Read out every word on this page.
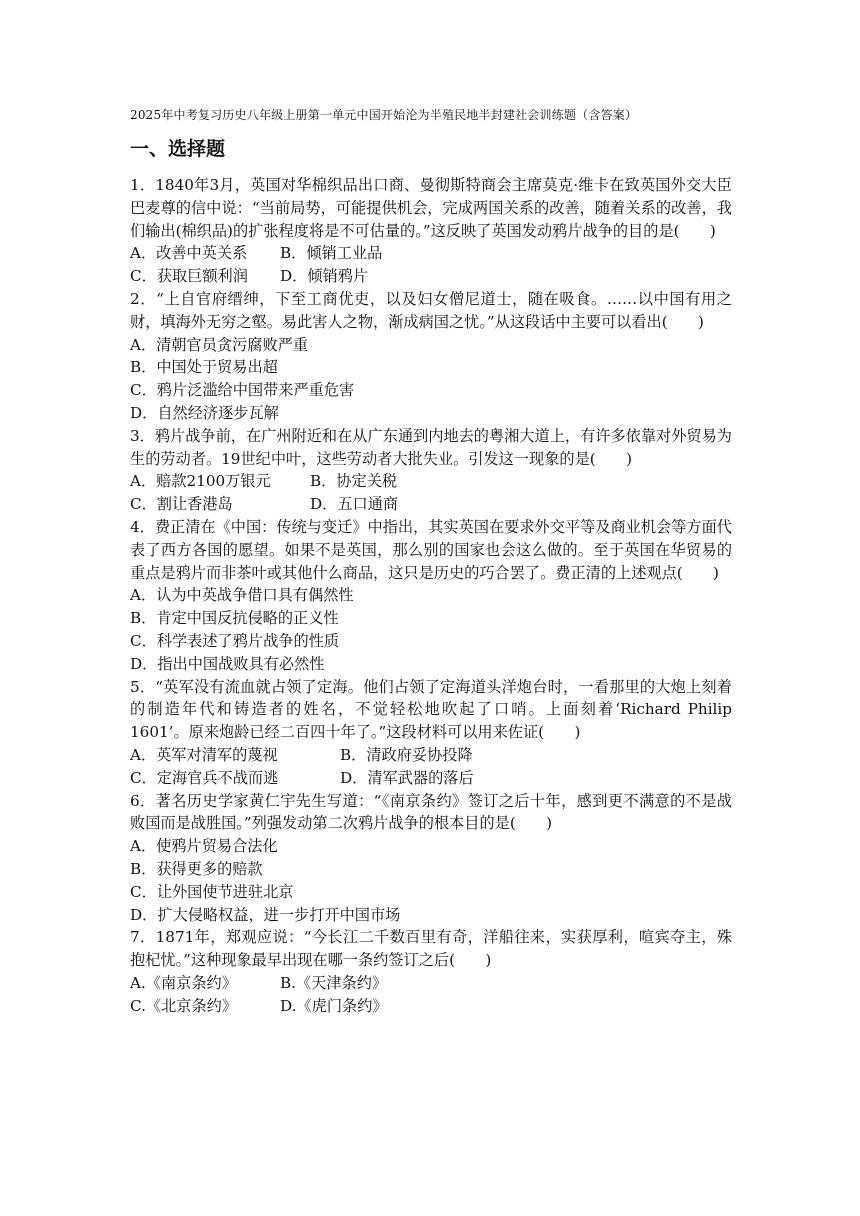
2025年中考复习历史八年级上册第一单元中国开始沦为半殖民地半封建社会训练题（含答案）
一、选择题

1．1840年3月，英国对华棉织品出口商、曼彻斯特商会主席莫克·维卡在致英国外交大臣巴麦尊的信中说：“当前局势，可能提供机会，完成两国关系的改善，随着关系的改善，我们输出(棉织品)的扩张程度将是不可估量的。”这反映了英国发动鸦片战争的目的是(　　)

A．改善中英关系 B．倾销工业品
C．获取巨额利润 D．倾销鸦片

2．“上自官府缙绅，下至工商优吏，以及妇女僧尼道士，随在吸食。……以中国有用之财，填海外无穷之壑。易此害人之物，渐成病国之忧。”从这段话中主要可以看出(　　)

A．清朝官员贪污腐败严重
B．中国处于贸易出超
C．鸦片泛滥给中国带来严重危害
D．自然经济逐步瓦解

3．鸦片战争前，在广州附近和在从广东通到内地去的粤湘大道上，有许多依靠对外贸易为生的劳动者。19世纪中叶，这些劳动者大批失业。引发这一现象的是(　　)

A．赔款2100万银元	B．协定关税
C．割让香港岛	D．五口通商

4．费正清在《中国：传统与变迁》中指出，其实英国在要求外交平等及商业机会等方面代表了西方各国的愿望。如果不是英国，那么别的国家也会这么做的。至于英国在华贸易的重点是鸦片而非茶叶或其他什么商品，这只是历史的巧合罢了。费正清的上述观点(　　)

A．认为中英战争借口具有偶然性
B．肯定中国反抗侵略的正义性
C．科学表述了鸦片战争的性质
D．指出中国战败具有必然性

5．“英军没有流血就占领了定海。他们占领了定海道头洋炮台时，一看那里的大炮上刻着的制造年代和铸造者的姓名，不觉轻松地吹起了口哨。上面刻着‘Richard Philip 1601’。原来炮龄已经二百四十年了。”这段材料可以用来佐证(　　)

A．英军对清军的蔑视	B．清政府妥协投降
C．定海官兵不战而逃	D．清军武器的落后

6．著名历史学家黄仁宇先生写道：“《南京条约》签订之后十年，感到更不满意的不是战败国而是战胜国。”列强发动第二次鸦片战争的根本目的是(　　)

A．使鸦片贸易合法化
B．获得更多的赔款
C．让外国使节进驻北京
D．扩大侵略权益，进一步打开中国市场

7．1871年，郑观应说：“今长江二千数百里有奇，洋船往来，实获厚利，喧宾夺主，殊抱杞忧。”这种现象最早出现在哪一条约签订之后(　　)

A.《南京条约》	B.《天津条约》
C.《北京条约》	D.《虎门条约》
